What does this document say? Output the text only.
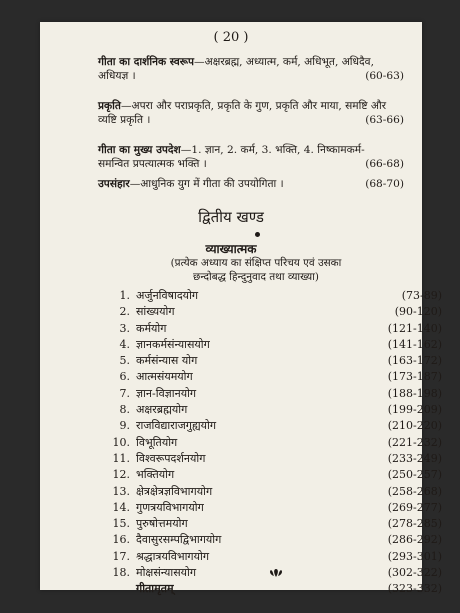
( 20 )
गीता का दार्शनिक स्वरूप—अक्षरब्रह्म, अध्यात्म, कर्म, अधिभूत, अधिदैव,
अधियज्ञ ।	(60-63)
प्रकृति—अपरा और पराप्रकृति, प्रकृति के गुण, प्रकृति और माया, समष्टि और
व्यष्टि प्रकृति ।	(63-66)
गीता का मुख्य उपदेश—1. ज्ञान, 2. कर्म, 3. भक्ति, 4. निष्कामकर्म-
समन्वित प्रपत्यात्मक भक्ति ।	(66-68)
उपसंहार—आधुनिक युग में गीता की उपयोगिता ।	(68-70)
द्वितीय खण्ड
व्याख्यात्मक
(प्रत्येक अध्याय का संक्षिप्त परिचय एवं उसका
छन्दोबद्ध हिन्दुनुवाद तथा व्याख्या)
1. अर्जुनविषादयोग	(73-89)
2. सांख्ययोग	(90-120)
3. कर्मयोग	(121-140)
4. ज्ञानकर्मसंन्यासयोग	(141-162)
5. कर्मसंन्यास योग	(163-172)
6. आत्मसंयमयोग	(173-187)
7. ज्ञान-विज्ञानयोग	(188-198)
8. अक्षरब्रह्मयोग	(199-209)
9. राजविद्याराजगुह्ययोग	(210-220)
10. विभूतियोग	(221-232)
11. विश्वरूपदर्शनयोग	(233-249)
12. भक्तियोग	(250-257)
13. क्षेत्रक्षेत्रज्ञविभागयोग	(258-268)
14. गुणत्रयविभागयोग	(269-277)
15. पुरुषोत्तमयोग	(278-285)
16. दैवासुरसम्पद्विभागयोग	(286-292)
17. श्रद्धात्रयविभागयोग	(293-301)
18. मोक्षसंन्यासयोग	(302-322)
गीतामृतम्	(323-332)
